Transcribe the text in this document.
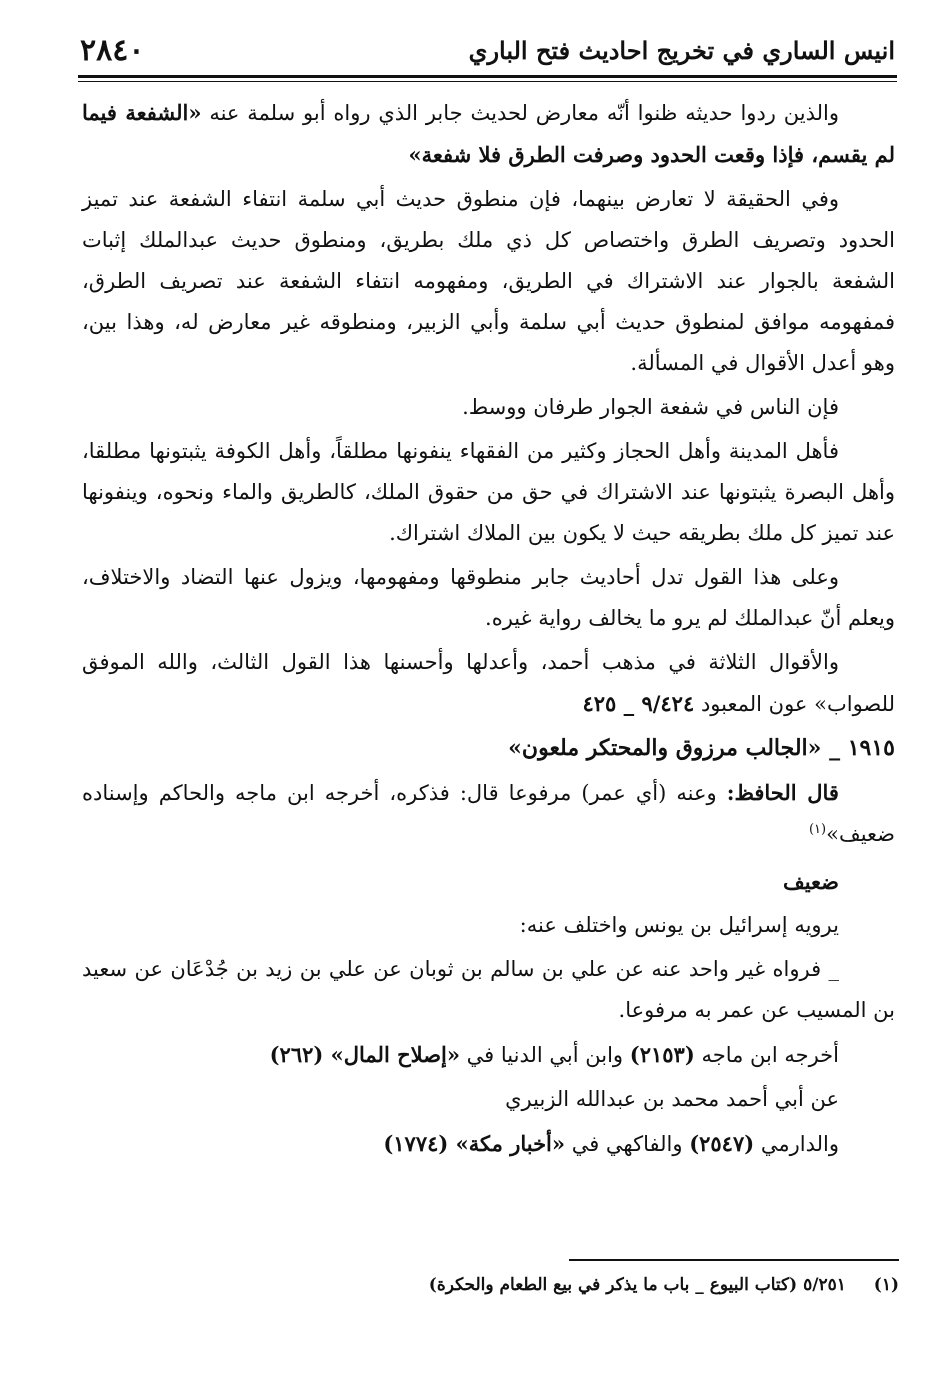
انيس الساري في تخريج احاديث فتح الباري
٢٨٤٠

والذين ردوا حديثه ظنوا أنّه معارض لحديث جابر الذي رواه أبو سلمة عنه «الشفعة فيما لم يقسم، فإذا وقعت الحدود وصرفت الطرق فلا شفعة»

وفي الحقيقة لا تعارض بينهما، فإن منطوق حديث أبي سلمة انتفاء الشفعة عند تميز الحدود وتصريف الطرق واختصاص كل ذي ملك بطريق، ومنطوق حديث عبدالملك إثبات الشفعة بالجوار عند الاشتراك في الطريق، ومفهومه انتفاء الشفعة عند تصريف الطرق، فمفهومه موافق لمنطوق حديث أبي سلمة وأبي الزبير، ومنطوقه غير معارض له، وهذا بين، وهو أعدل الأقوال في المسألة.

فإن الناس في شفعة الجوار طرفان ووسط.

فأهل المدينة وأهل الحجاز وكثير من الفقهاء ينفونها مطلقاً، وأهل الكوفة يثبتونها مطلقا، وأهل البصرة يثبتونها عند الاشتراك في حق من حقوق الملك، كالطريق والماء ونحوه، وينفونها عند تميز كل ملك بطريقه حيث لا يكون بين الملاك اشتراك.

وعلى هذا القول تدل أحاديث جابر منطوقها ومفهومها، ويزول عنها التضاد والاختلاف، ويعلم أنّ عبدالملك لم يرو ما يخالف رواية غيره.

والأقوال الثلاثة في مذهب أحمد، وأعدلها وأحسنها هذا القول الثالث، والله الموفق للصواب» عون المعبود ٩/٤٢٤ _ ٤٢٥

١٩١٥ _ «الجالب مرزوق والمحتكر ملعون»

قال الحافظ: وعنه (أي عمر) مرفوعا قال: فذكره، أخرجه ابن ماجه والحاكم وإسناده ضعيف»$^{(١)}$

ضعيف

يرويه إسرائيل بن يونس واختلف عنه:

_ فرواه غير واحد عنه عن علي بن سالم بن ثوبان عن علي بن زيد بن جُدْعَان عن سعيد بن المسيب عن عمر به مرفوعا.

أخرجه ابن ماجه (٢١٥٣) وابن أبي الدنيا في «إصلاح المال» (٢٦٢)

عن أبي أحمد محمد بن عبدالله الزبيري

والدارمي (٢٥٤٧) والفاكهي في «أخبار مكة» (١٧٧٤)

(١) ٥/٢٥١ (كتاب البيوع _ باب ما يذكر في بيع الطعام والحكرة)
